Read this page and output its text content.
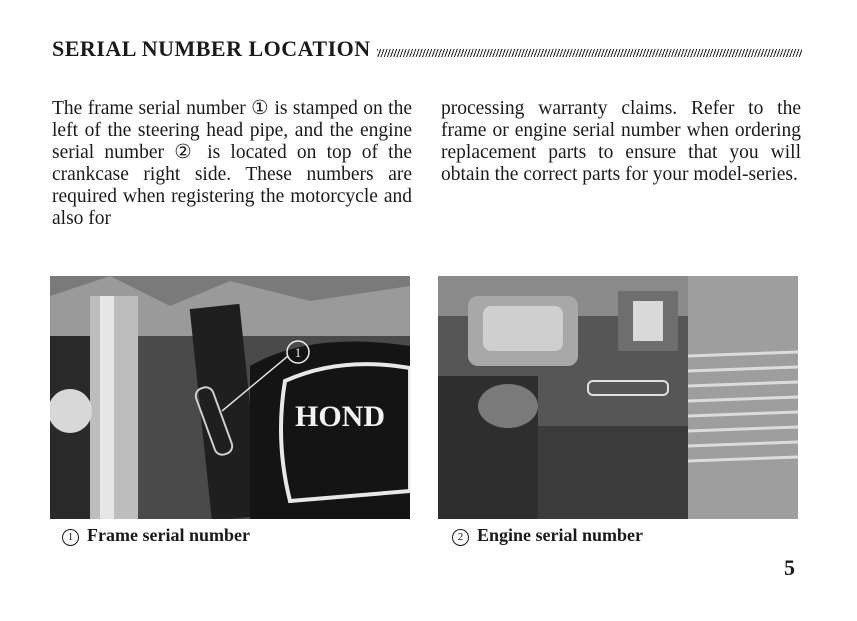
SERIAL NUMBER LOCATION

The frame serial number ① is stamped on the left of the steering head pipe, and the engine serial number ② is located on top of the crankcase right side. These numbers are required when registering the motorcycle and also for

processing warranty claims. Refer to the frame or engine serial number when ordering replacement parts to ensure that you will obtain the correct parts for your model-series.

1
HOND
1 Frame serial number	2 Engine serial number
5
